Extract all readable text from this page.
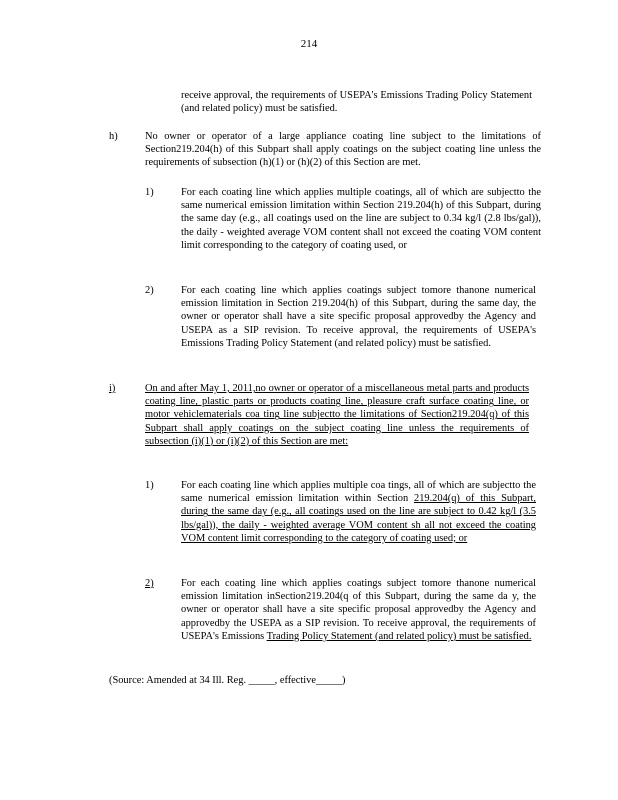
214
receive approval, the requirements of USEPA's Emissions Trading Policy Statement (and related policy) must be satisfied.
h)	No owner or operator of a large appliance coating line subject to the limitations of Section219.204(h) of this Subpart shall apply coatings on the subject coating line unless the requirements of subsection (h)(1) or (h)(2) of this Section are met.
1)	For each coating line which applies multiple coatings, all of which are subjectto the same numerical emission limitation within Section 219.204(h) of this Subpart, during the same day (e.g., all coatings used on the line are subject to 0.34 kg/l (2.8 lbs/gal)), the daily - weighted average VOM content shall not exceed the coating VOM content limit corresponding to the category of coating used, or
2)	For each coating line which applies coatings subject tomore thanone numerical emission limitation in Section 219.204(h) of this Subpart, during the same day, the owner or operator shall have a site specific proposal approvedby the Agency and USEPA as a SIP revision. To receive approval, the requirements of USEPA's Emissions Trading Policy Statement (and related policy) must be satisfied.
i)	On and after May 1, 2011,no owner or operator of a miscellaneous metal parts and products coating line, plastic parts or products coating line, pleasure craft surface coating line, or motor vehiclematerials coa ting line subjectto the limitations of Section219.204(q) of this Subpart shall apply coatings on the subject coating line unless the requirements of subsection (i)(1) or (i)(2) of this Section are met:
1)	For each coating line which applies multiple coa tings, all of which are subjectto the same numerical emission limitation within Section 219.204(q) of this Subpart, during the same day (e.g., all coatings used on the line are subject to 0.42 kg/l (3.5 lbs/gal)), the daily - weighted average VOM content sh all not exceed the coating VOM content limit corresponding to the category of coating used; or
2)	For each coating line which applies coatings subject tomore thanone numerical emission limitation inSection219.204(q of this Subpart, during the same da y, the owner or operator shall have a site specific proposal approvedby the Agency and approvedby the USEPA as a SIP revision. To receive approval, the requirements of USEPA's Emissions Trading Policy Statement (and related policy) must be satisfied.
(Source: Amended at 34 Ill. Reg. _____, effective_____)
